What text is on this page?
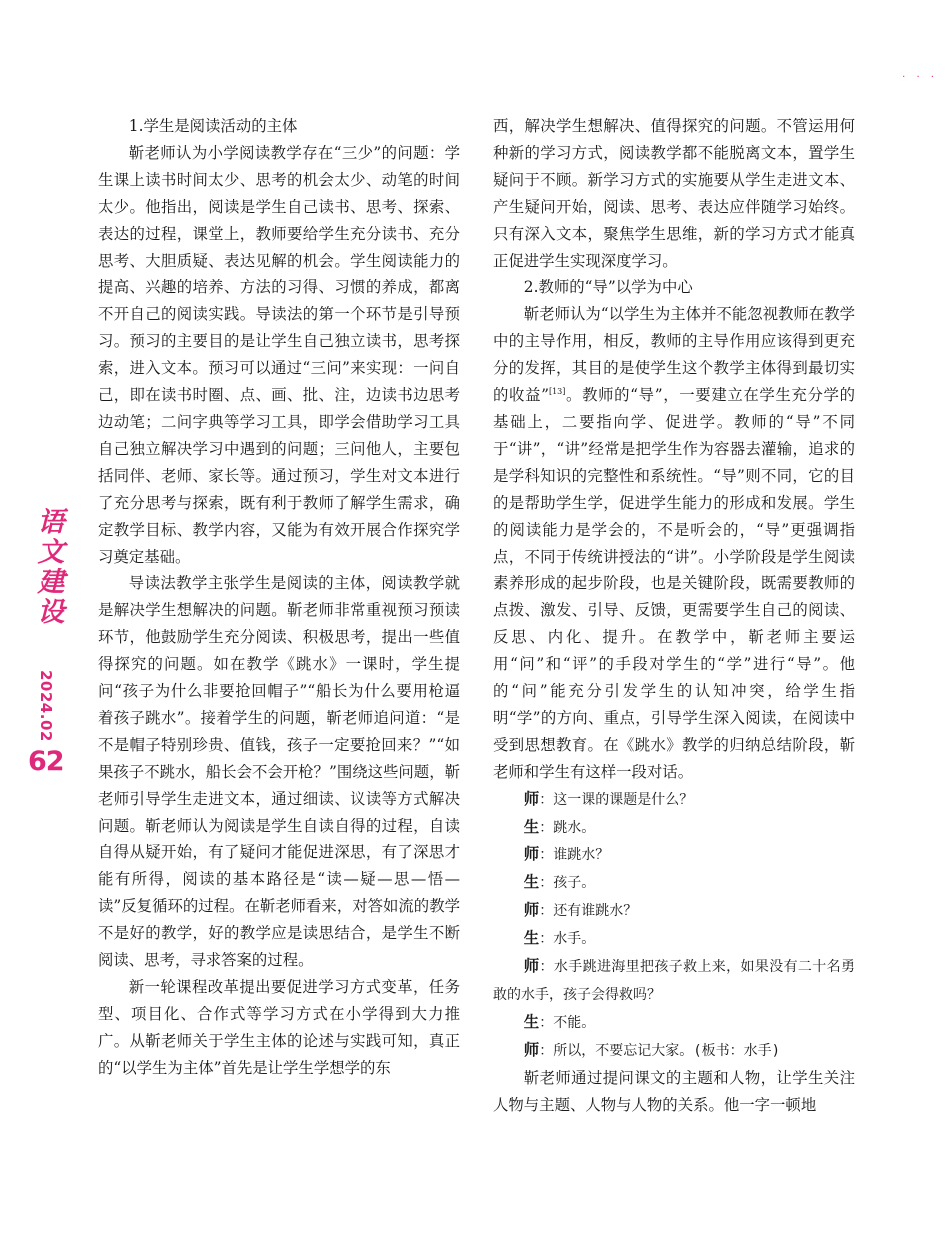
· · ·
语
文
建
设
2024.02
62
1.学生是阅读活动的主体

靳老师认为小学阅读教学存在“三少”的问题：学生课上读书时间太少、思考的机会太少、动笔的时间太少。他指出，阅读是学生自己读书、思考、探索、表达的过程，课堂上，教师要给学生充分读书、充分思考、大胆质疑、表达见解的机会。学生阅读能力的提高、兴趣的培养、方法的习得、习惯的养成，都离不开自己的阅读实践。导读法的第一个环节是引导预习。预习的主要目的是让学生自己独立读书，思考探索，进入文本。预习可以通过“三问”来实现：一问自己，即在读书时圈、点、画、批、注，边读书边思考边动笔；二问字典等学习工具，即学会借助学习工具自己独立解决学习中遇到的问题；三问他人，主要包括同伴、老师、家长等。通过预习，学生对文本进行了充分思考与探索，既有利于教师了解学生需求，确定教学目标、教学内容，又能为有效开展合作探究学习奠定基础。

导读法教学主张学生是阅读的主体，阅读教学就是解决学生想解决的问题。靳老师非常重视预习预读环节，他鼓励学生充分阅读、积极思考，提出一些值得探究的问题。如在教学《跳水》一课时，学生提问“孩子为什么非要抢回帽子”“船长为什么要用枪逼着孩子跳水”。接着学生的问题，靳老师追问道：“是不是帽子特别珍贵、值钱，孩子一定要抢回来？”“如果孩子不跳水，船长会不会开枪？”围绕这些问题，靳老师引导学生走进文本，通过细读、议读等方式解决问题。靳老师认为阅读是学生自读自得的过程，自读自得从疑开始，有了疑问才能促进深思，有了深思才能有所得，阅读的基本路径是“读—疑—思—悟—读”反复循环的过程。在靳老师看来，对答如流的教学不是好的教学，好的教学应是读思结合，是学生不断阅读、思考，寻求答案的过程。

新一轮课程改革提出要促进学习方式变革，任务型、项目化、合作式等学习方式在小学得到大力推广。从靳老师关于学生主体的论述与实践可知，真正的“以学生为主体”首先是让学生学想学的东

西，解决学生想解决、值得探究的问题。不管运用何种新的学习方式，阅读教学都不能脱离文本，置学生疑问于不顾。新学习方式的实施要从学生走进文本、产生疑问开始，阅读、思考、表达应伴随学习始终。只有深入文本，聚焦学生思维，新的学习方式才能真正促进学生实现深度学习。

2.教师的“导”以学为中心

靳老师认为“以学生为主体并不能忽视教师在教学中的主导作用，相反，教师的主导作用应该得到更充分的发挥，其目的是使学生这个教学主体得到最切实的收益”[13]。教师的“导”，一要建立在学生充分学的基础上，二要指向学、促进学。教师的“导”不同于“讲”，“讲”经常是把学生作为容器去灌输，追求的是学科知识的完整性和系统性。“导”则不同，它的目的是帮助学生学，促进学生能力的形成和发展。学生的阅读能力是学会的，不是听会的，“导”更强调指点，不同于传统讲授法的“讲”。小学阶段是学生阅读素养形成的起步阶段，也是关键阶段，既需要教师的点拨、激发、引导、反馈，更需要学生自己的阅读、反思、内化、提升。在教学中，靳老师主要运用“问”和“评”的手段对学生的“学”进行“导”。他的“问”能充分引发学生的认知冲突，给学生指明“学”的方向、重点，引导学生深入阅读，在阅读中受到思想教育。在《跳水》教学的归纳总结阶段，靳老师和学生有这样一段对话。

师：这一课的课题是什么？

生：跳水。

师：谁跳水？

生：孩子。

师：还有谁跳水？

生：水手。

师：水手跳进海里把孩子救上来，如果没有二十名勇敢的水手，孩子会得救吗？

生：不能。

师：所以，不要忘记大家。(板书：水手)

靳老师通过提问课文的主题和人物，让学生关注人物与主题、人物与人物的关系。他一字一顿地
